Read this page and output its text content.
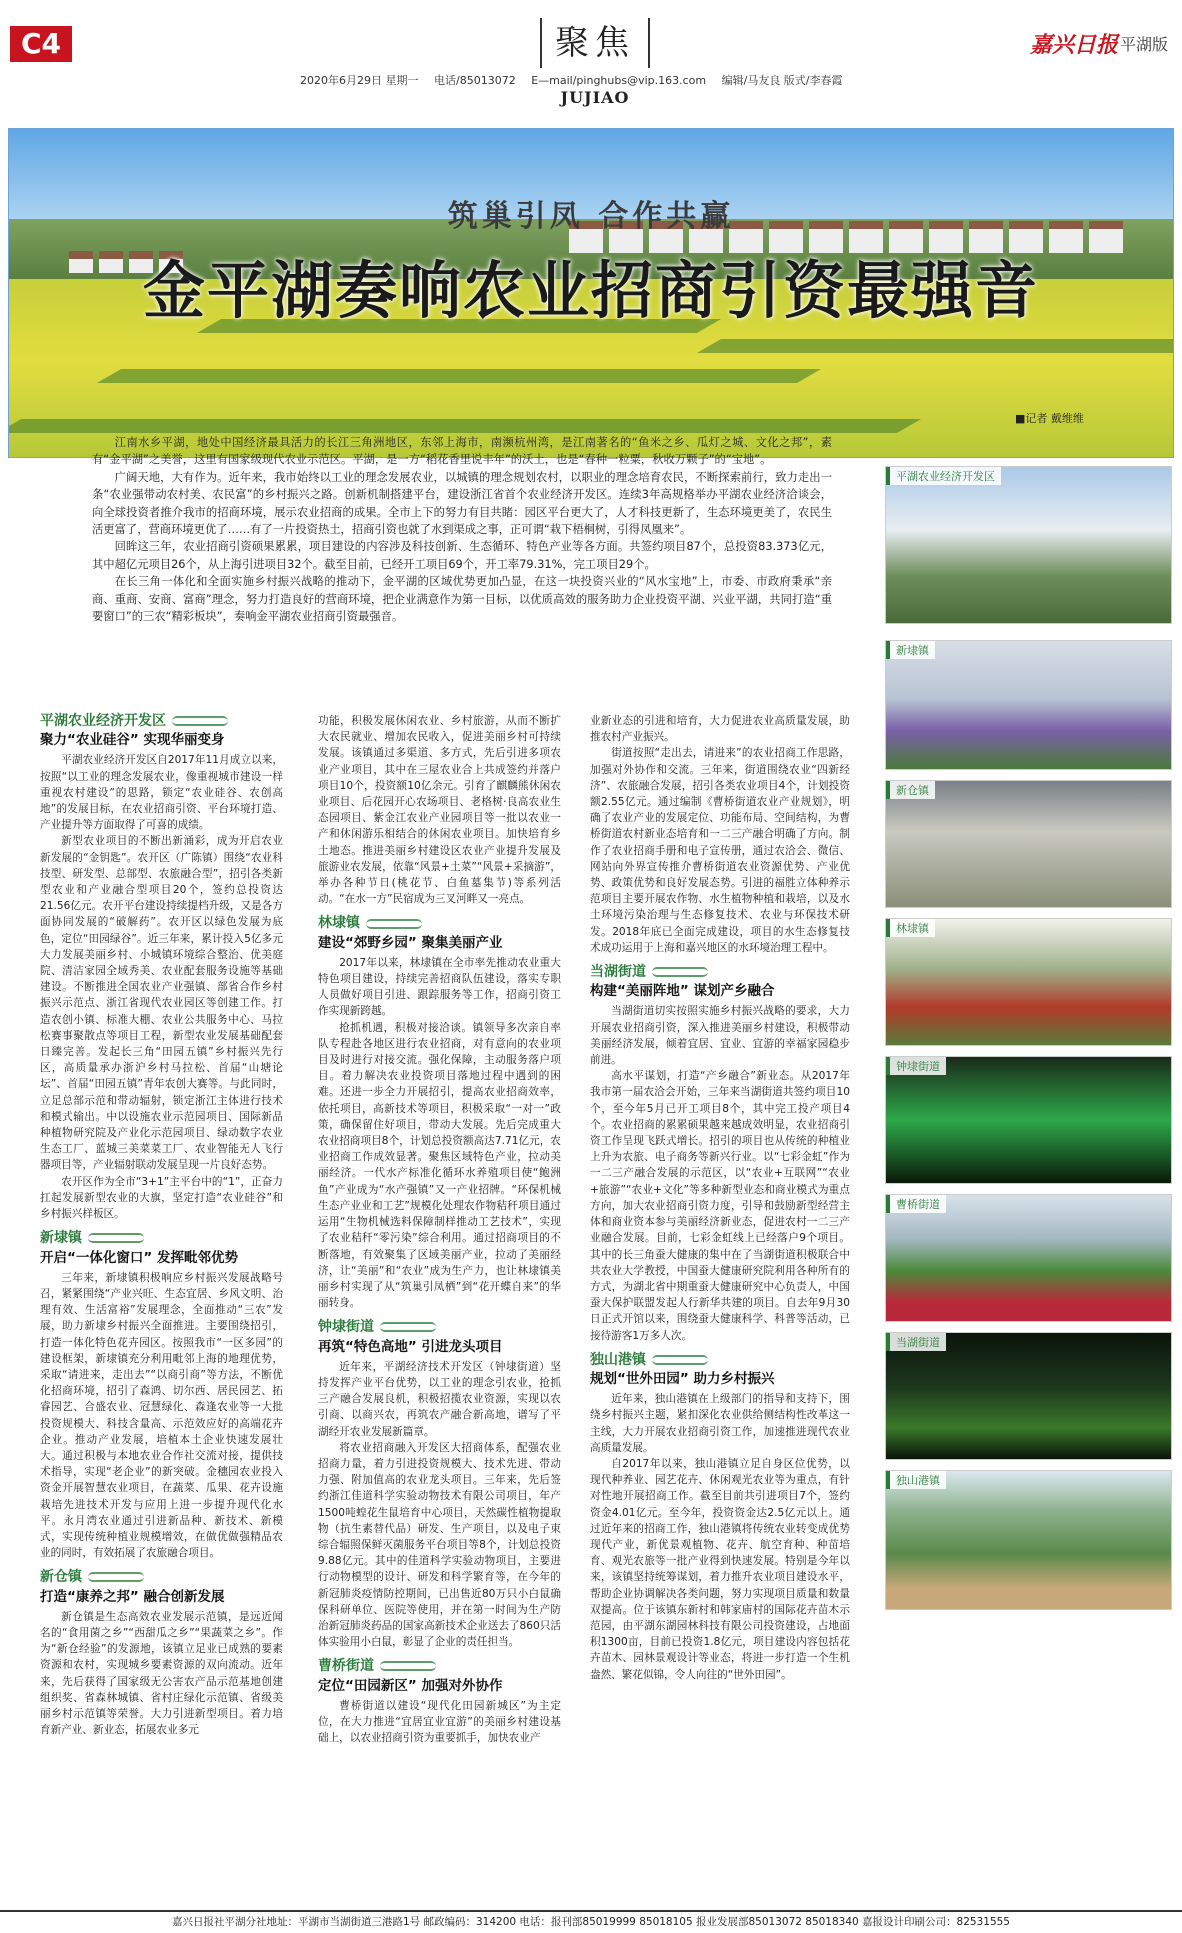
C4	聚焦
2020年6月29日 星期一 电话/85013072 E—mail/pinghubs@vip.163.com 编辑/马友良 版式/李春霞
JUJIAO
嘉兴日报 平湖版
筑巢引凤 合作共赢
金平湖奏响农业招商引资最强音
■记者 戴维维

江南水乡平湖，地处中国经济最具活力的长江三角洲地区，东邻上海市，南濒杭州湾，是江南著名的“鱼米之乡、瓜灯之城、文化之邦”，素有“金平湖”之美誉，这里有国家级现代农业示范区。平湖，是一方“稻花香里说丰年”的沃土，也是“春种一粒粟，秋收万颗子”的“宝地”。

广阔天地，大有作为。近年来，我市始终以工业的理念发展农业，以城镇的理念规划农村，以职业的理念培育农民，不断探索前行，致力走出一条“农业强带动农村美、农民富”的乡村振兴之路。创新机制搭建平台，建设浙江省首个农业经济开发区。连续3年高规格举办平湖农业经济洽谈会，向全球投资者推介我市的招商环境，展示农业招商的成果。全市上下的努力有目共睹：园区平台更大了，人才科技更新了，生态环境更美了，农民生活更富了，营商环境更优了……有了一片投资热土，招商引资也就了水到渠成之事，正可谓“栽下梧桐树，引得凤凰来”。

回眸这三年，农业招商引资硕果累累，项目建设的内容涉及科技创新、生态循环、特色产业等各方面。共签约项目87个，总投资83.373亿元，其中超亿元项目26个，从上海引进项目32个。截至目前，已经开工项目69个，开工率79.31%，完工项目29个。

在长三角一体化和全面实施乡村振兴战略的推动下，金平湖的区域优势更加凸显，在这一块投资兴业的“风水宝地”上，市委、市政府秉承“亲商、重商、安商、富商”理念，努力打造良好的营商环境，把企业满意作为第一目标，以优质高效的服务助力企业投资平湖、兴业平湖，共同打造“重要窗口”的三农“精彩板块”，奏响金平湖农业招商引资最强音。

平湖农业经济开发区
新埭镇
新仓镇
林埭镇
钟埭街道
曹桥街道
当湖街道
独山港镇
平湖农业经济开发区
聚力“农业硅谷” 实现华丽变身

平湖农业经济开发区自2017年11月成立以来，按照“以工业的理念发展农业，像重视城市建设一样重视农村建设”的思路，锁定“农业硅谷、农创高地”的发展目标，在农业招商引资、平台环境打造、产业提升等方面取得了可喜的成绩。

新型农业项目的不断出新涌彩，成为开启农业新发展的“金钥匙”。农开区（广陈镇）围绕“农业科技型、研发型、总部型、农旅融合型”，招引各类新型农业和产业融合型项目20个，签约总投资达21.56亿元。农开平台建设持续提档升级，又是各方面协同发展的“破解药”。农开区以绿色发展为底色，定位“田园绿谷”。近三年来，累计投入5亿多元大力发展美丽乡村、小城镇环境综合整治、优美庭院、清洁家园全域秀美、农业配套服务设施等基础建设。不断推进全国农业产业强镇、部省合作乡村振兴示范点、浙江省现代农业园区等创建工作。打造农创小镇、标准大棚、农业公共服务中心、马拉松赛事聚散点等项目工程，新型农业发展基础配套日臻完善。发起长三角“田园五镇”乡村振兴先行区，高质量承办浙沪乡村马拉松、首届“山塘论坛”、首届“田园五镇”青年农创大赛等。与此同时，立足总部示范和带动辐射，锁定浙江主体进行技术和模式输出。中以设施农业示范园项目、国际新品种植物研究院及产业化示范园项目、绿动数字农业生态工厂、蓝城三美菜菜工厂、农业智能无人飞行器项目等，产业辐射联动发展呈现一片良好态势。

农开区作为全市“3+1”主平台中的“1”，正奋力扛起发展新型农业的大旗，坚定打造“农业硅谷”和乡村振兴样板区。

新埭镇
开启“一体化窗口” 发挥毗邻优势

三年来，新埭镇积极响应乡村振兴发展战略号召，紧紧围绕“产业兴旺、生态宜居、乡风文明、治理有效、生活富裕”发展理念，全面推动“三农”发展，助力新埭乡村振兴全面推进。主要围绕招引，打造一体化特色花卉园区。按照我市“一区多园”的建设框架，新埭镇充分利用毗邻上海的地理优势，采取“请进来，走出去”“以商引商”等方法，不断优化招商环境，招引了森鸿、切尔西、居民园艺、拓睿园艺、合盛农业、冠慧绿化、森逢农业等一大批投资规模大、科技含量高、示范效应好的高端花卉企业。推动产业发展，培植本土企业快速发展壮大。通过积极与本地农业合作社交流对接，提供技术指导，实现“老企业”的新突破。金穗园农业投入资金开展智慧农业项目，在蔬菜、瓜果、花卉设施栽培先进技术开发与应用上进一步提升现代化水平。永月湾农业通过引进新品种、新技术、新模式，实现传统种植业规模增效，在做优做强精品农业的同时，有效拓展了农旅融合项目。

新仓镇
打造“康养之邦” 融合创新发展

新仓镇是生态高效农业发展示范镇，是远近闻名的“食用菌之乡”“西甜瓜之乡”“果蔬菜之乡”。作为“新仓经验”的发源地，该镇立足业已成熟的要素资源和农村，实现城乡要素资源的双向流动。近年来，先后获得了国家级无公害农产品示范基地创建组织奖、省森林城镇、省村庄绿化示范镇、省级美丽乡村示范镇等荣誉。大力引进新型项目。着力培育新产业、新业态，拓展农业多元

功能，积极发展休闲农业、乡村旅游，从而不断扩大农民就业、增加农民收入，促进美丽乡村可持续发展。该镇通过多渠道、多方式，先后引进多项农业产业项目，其中在三屋农业合上共成签约并落户项目10个，投资额10亿余元。引育了麒麟熊休闲农业项目、后花园开心农场项目、老格树·良高农业生态园项目、紫金江农业产业园项目等一批以农业一产和休闲游乐相结合的休闲农业项目。加快培育乡土地态。推进美丽乡村建设区农业产业提升发展及旅游业农发展，依靠“风景+土菜”“风景+采摘游”，举办各种节日(桃花节、白鱼墓集节)等系列活动。“在水一方”民宿成为三叉河畔又一亮点。

林埭镇
建设“郊野乡园” 聚集美丽产业

2017年以来，林埭镇在全市率先推动农业重大特色项目建设，持续完善招商队伍建设，落实专职人员做好项目引进、跟踪服务等工作，招商引资工作实现新跨越。

抢抓机遇，积极对接洽谈。镇领导多次亲自率队专程赴各地区进行农业招商，对有意向的农业项目及时进行对接交流。强化保障，主动服务落户项目。着力解决农业投资项目落地过程中遇到的困难。还进一步全力开展招引，提高农业招商效率，依托项目，高新技术等项目，积极采取“一对一”政策，确保留住好项目，带动大发展。先后完成重大农业招商项目8个，计划总投资额高达7.71亿元，农业招商工作成效显著。聚焦区域特色产业，拉动美丽经济。一代水产标准化循环水养殖项目使“鲍洲鱼”产业成为“水产强镇”又一产业招牌。“环保机械生态产业业和工艺”规模化处理农作物秸秆项目通过运用“生物机械选料保障制样推动工艺技术”，实现了农业秸秆“零污染”综合利用。通过招商项目的不断落地，有效聚集了区域美丽产业，拉动了美丽经济，让“美丽”和“农业”成为生产力，也让林埭镇美丽乡村实现了从“筑巢引凤栖”到“花开蝶自来”的华丽转身。

钟埭街道
再筑“特色高地” 引进龙头项目

近年来，平湖经济技术开发区（钟埭街道）坚持发挥产业平台优势，以工业的理念引农业，抢抓三产融合发展良机，积极招揽农业资源，实现以农引商、以商兴农，再筑农产融合新高地，谱写了平湖经开农业发展新篇章。

将农业招商融入开发区大招商体系，配强农业招商力量，着力引进投资规模大、技术先进、带动力强、附加值高的农业龙头项目。三年来，先后签约浙江佳道科学实验动物技术有限公司项目，年产1500吨蝗花生鼠培育中心项目，天然碳性植物提取物（抗生素替代品）研发、生产项目，以及电子束综合辐照保鲜灭菌服务平台项目等8个，计划总投资9.88亿元。其中的佳道科学实验动物项目，主要进行动物模型的设计、研发和科学繁育等，在今年的新冠肺炎疫情防控期间，已出售近80万只小白鼠确保科研单位、医院等使用，并在第一时间为生产防治新冠肺炎药品的国家高新技术企业送去了860只活体实验用小白鼠，彰显了企业的责任担当。

曹桥街道
定位“田园新区” 加强对外协作

曹桥街道以建设“现代化田园新城区”为主定位，在大力推进“宜居宜业宜游”的美丽乡村建设基础上，以农业招商引资为重要抓手，加快农业产

业新业态的引进和培育，大力促进农业高质量发展，助推农村产业振兴。

街道按照“走出去，请进来”的农业招商工作思路，加强对外协作和交流。三年来，街道围绕农业“四新经济”、农旅融合发展，招引各类农业项目4个，计划投资额2.55亿元。通过编制《曹桥街道农业产业规划》，明确了农业产业的发展定位、功能布局、空间结构，为曹桥街道农村新业态培育和一二三产融合明确了方向。制作了农业招商手册和电子宣传册，通过农洽会、微信、网站向外界宣传推介曹桥街道农业资源优势、产业优势、政策优势和良好发展态势。引进的福胜立体种养示范项目主要开展农作物、水生植物种植和栽培，以及水土环境污染治理与生态修复技术、农业与环保技术研发。2018年底已全面完成建设，项目的水生态修复技术成功运用于上海和嘉兴地区的水环境治理工程中。

当湖街道
构建“美丽阵地” 谋划产乡融合

当湖街道切实按照实施乡村振兴战略的要求，大力开展农业招商引资，深入推进美丽乡村建设，积极带动美丽经济发展，倾着宜居、宜业、宜游的幸福家园稳步前进。

高水平谋划，打造“产乡融合”新业态。从2017年我市第一届农洽会开始，三年来当湖街道共签约项目10个，至今年5月已开工项目8个，其中完工投产项目4个。农业招商的累累硕果越来越成效明显，农业招商引资工作呈现飞跃式增长。招引的项目也从传统的种植业上升为农旅、电子商务等新兴行业。以“七彩金虹”作为一二三产融合发展的示范区，以“农业+互联网”“农业+旅游”“农业+文化”等多种新型业态和商业模式为重点方向，加大农业招商引资力度，引导和鼓励新型经营主体和商业资本参与美丽经济新业态，促进农村一二三产业融合发展。目前，七彩金虹线上已经落户9个项目。其中的长三角蚕大健康的集中在了当湖街道积极联合中共农业大学教授，中国蚕大健康研究院利用各种所有的方式，为湖北省中期重蚕大健康研究中心负责人，中国蚕大保护联盟发起人行新华共建的项目。自去年9月30日正式开馆以来，围绕蚕大健康科学、科普等活动，已接待游客1万多人次。

独山港镇
规划“世外田园” 助力乡村振兴

近年来，独山港镇在上级部门的指导和支持下，围绕乡村振兴主题，紧扣深化农业供给侧结构性改革这一主线，大力开展农业招商引资工作，加速推进现代农业高质量发展。

自2017年以来，独山港镇立足自身区位优势，以现代种养业、园艺花卉、休闲观光农业等为重点，有针对性地开展招商工作。截至目前共引进项目7个，签约资金4.01亿元。至今年，投资资金达2.5亿元以上。通过近年来的招商工作，独山港镇将传统农业转变成优势现代产业，新优景观植物、花卉、航空育种、种苗培育、观光农旅等一批产业得到快速发展。特别是今年以来，该镇坚持统筹谋划，着力推升农业项目建设水平，帮助企业协调解决各类问题，努力实现项目质量和数量双提高。位于该镇东新村和韩家庙村的国际花卉苗木示范园，由平湖东湖园林科技有限公司投资建设，占地面积1300亩，目前已投资1.8亿元，项目建设内容包括花卉苗木、园林景观设计等业态，将进一步打造一个生机盎然、繁花似锦，令人向往的“世外田园”。

嘉兴日报社平湖分社地址：平湖市当湖街道三港路1号 邮政编码：314200 电话：报刊部85019999 85018105 报业发展部85013072 85018340 嘉报设计印刷公司：82531555
